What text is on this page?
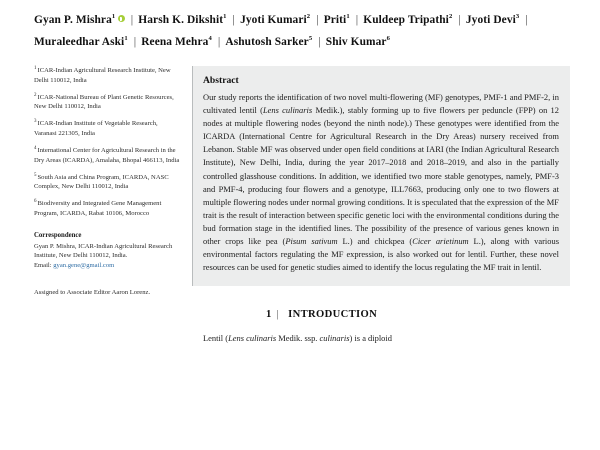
Gyan P. Mishra$^1$ | Harsh K. Dikshit$^1$ | Jyoti Kumari$^2$ | Priti$^1$ | Kuldeep Tripathi$^2$ | Jyoti Devi$^3$ |Muraleedhar Aski$^1$ | Reena Mehra$^4$ | Ashutosh Sarker$^5$ | Shiv Kumar$^6$
$^1$ICAR-Indian Agricultural Research Institute, New Delhi 110012, India
$^2$ICAR-National Bureau of Plant Genetic Resources, New Delhi 110012, India
$^3$ICAR-Indian Institute of Vegetable Research, Varanasi 221305, India
$^4$International Center for Agricultural Research in the Dry Areas (ICARDA), Amalaha, Bhopal 466113, India
$^5$South Asia and China Program, ICARDA, NASC Complex, New Delhi 110012, India
$^6$Biodiversity and Integrated Gene Management Program, ICARDA, Rabat 10106, Morocco
Correspondence
Gyan P. Mishra, ICAR-Indian Agricultural Research Institute, New Delhi 110012, India.
Email: gyan.gene@gmail.com
Assigned to Associate Editor Aaron Lorenz.
Abstract
Our study reports the identification of two novel multi-flowering (MF) genotypes, PMF-1 and PMF-2, in cultivated lentil (Lens culinaris Medik.), stably forming up to five flowers per peduncle (FPP) on 12 nodes at multiple flowering nodes (beyond the ninth node).) These genotypes were identified from the ICARDA (International Centre for Agricultural Research in the Dry Areas) nursery received from Lebanon. Stable MF was observed under open field conditions at IARI (the Indian Agricultural Research Institute), New Delhi, India, during the year 2017–2018 and 2018–2019, and also in the partially controlled glasshouse conditions. In addition, we identified two more stable genotypes, namely, PMF-3 and PMF-4, producing four flowers and a genotype, ILL7663, producing only one to two flowers at multiple flowering nodes under normal growing conditions. It is speculated that the expression of the MF trait is the result of interaction between specific genetic loci with the environmental conditions during the bud formation stage in the identified lines. The possibility of the presence of various genes known in other crops like pea (Pisum sativum L.) and chickpea (Cicer arietinum L.), along with various environmental factors regulating the MF expression, is also worked out for lentil. Further, these novel resources can be used for genetic studies aimed to identify the locus regulating the MF trait in lentil.
1 | INTRODUCTION
Lentil (Lens culinaris Medik. ssp. culinaris) is a diploid
